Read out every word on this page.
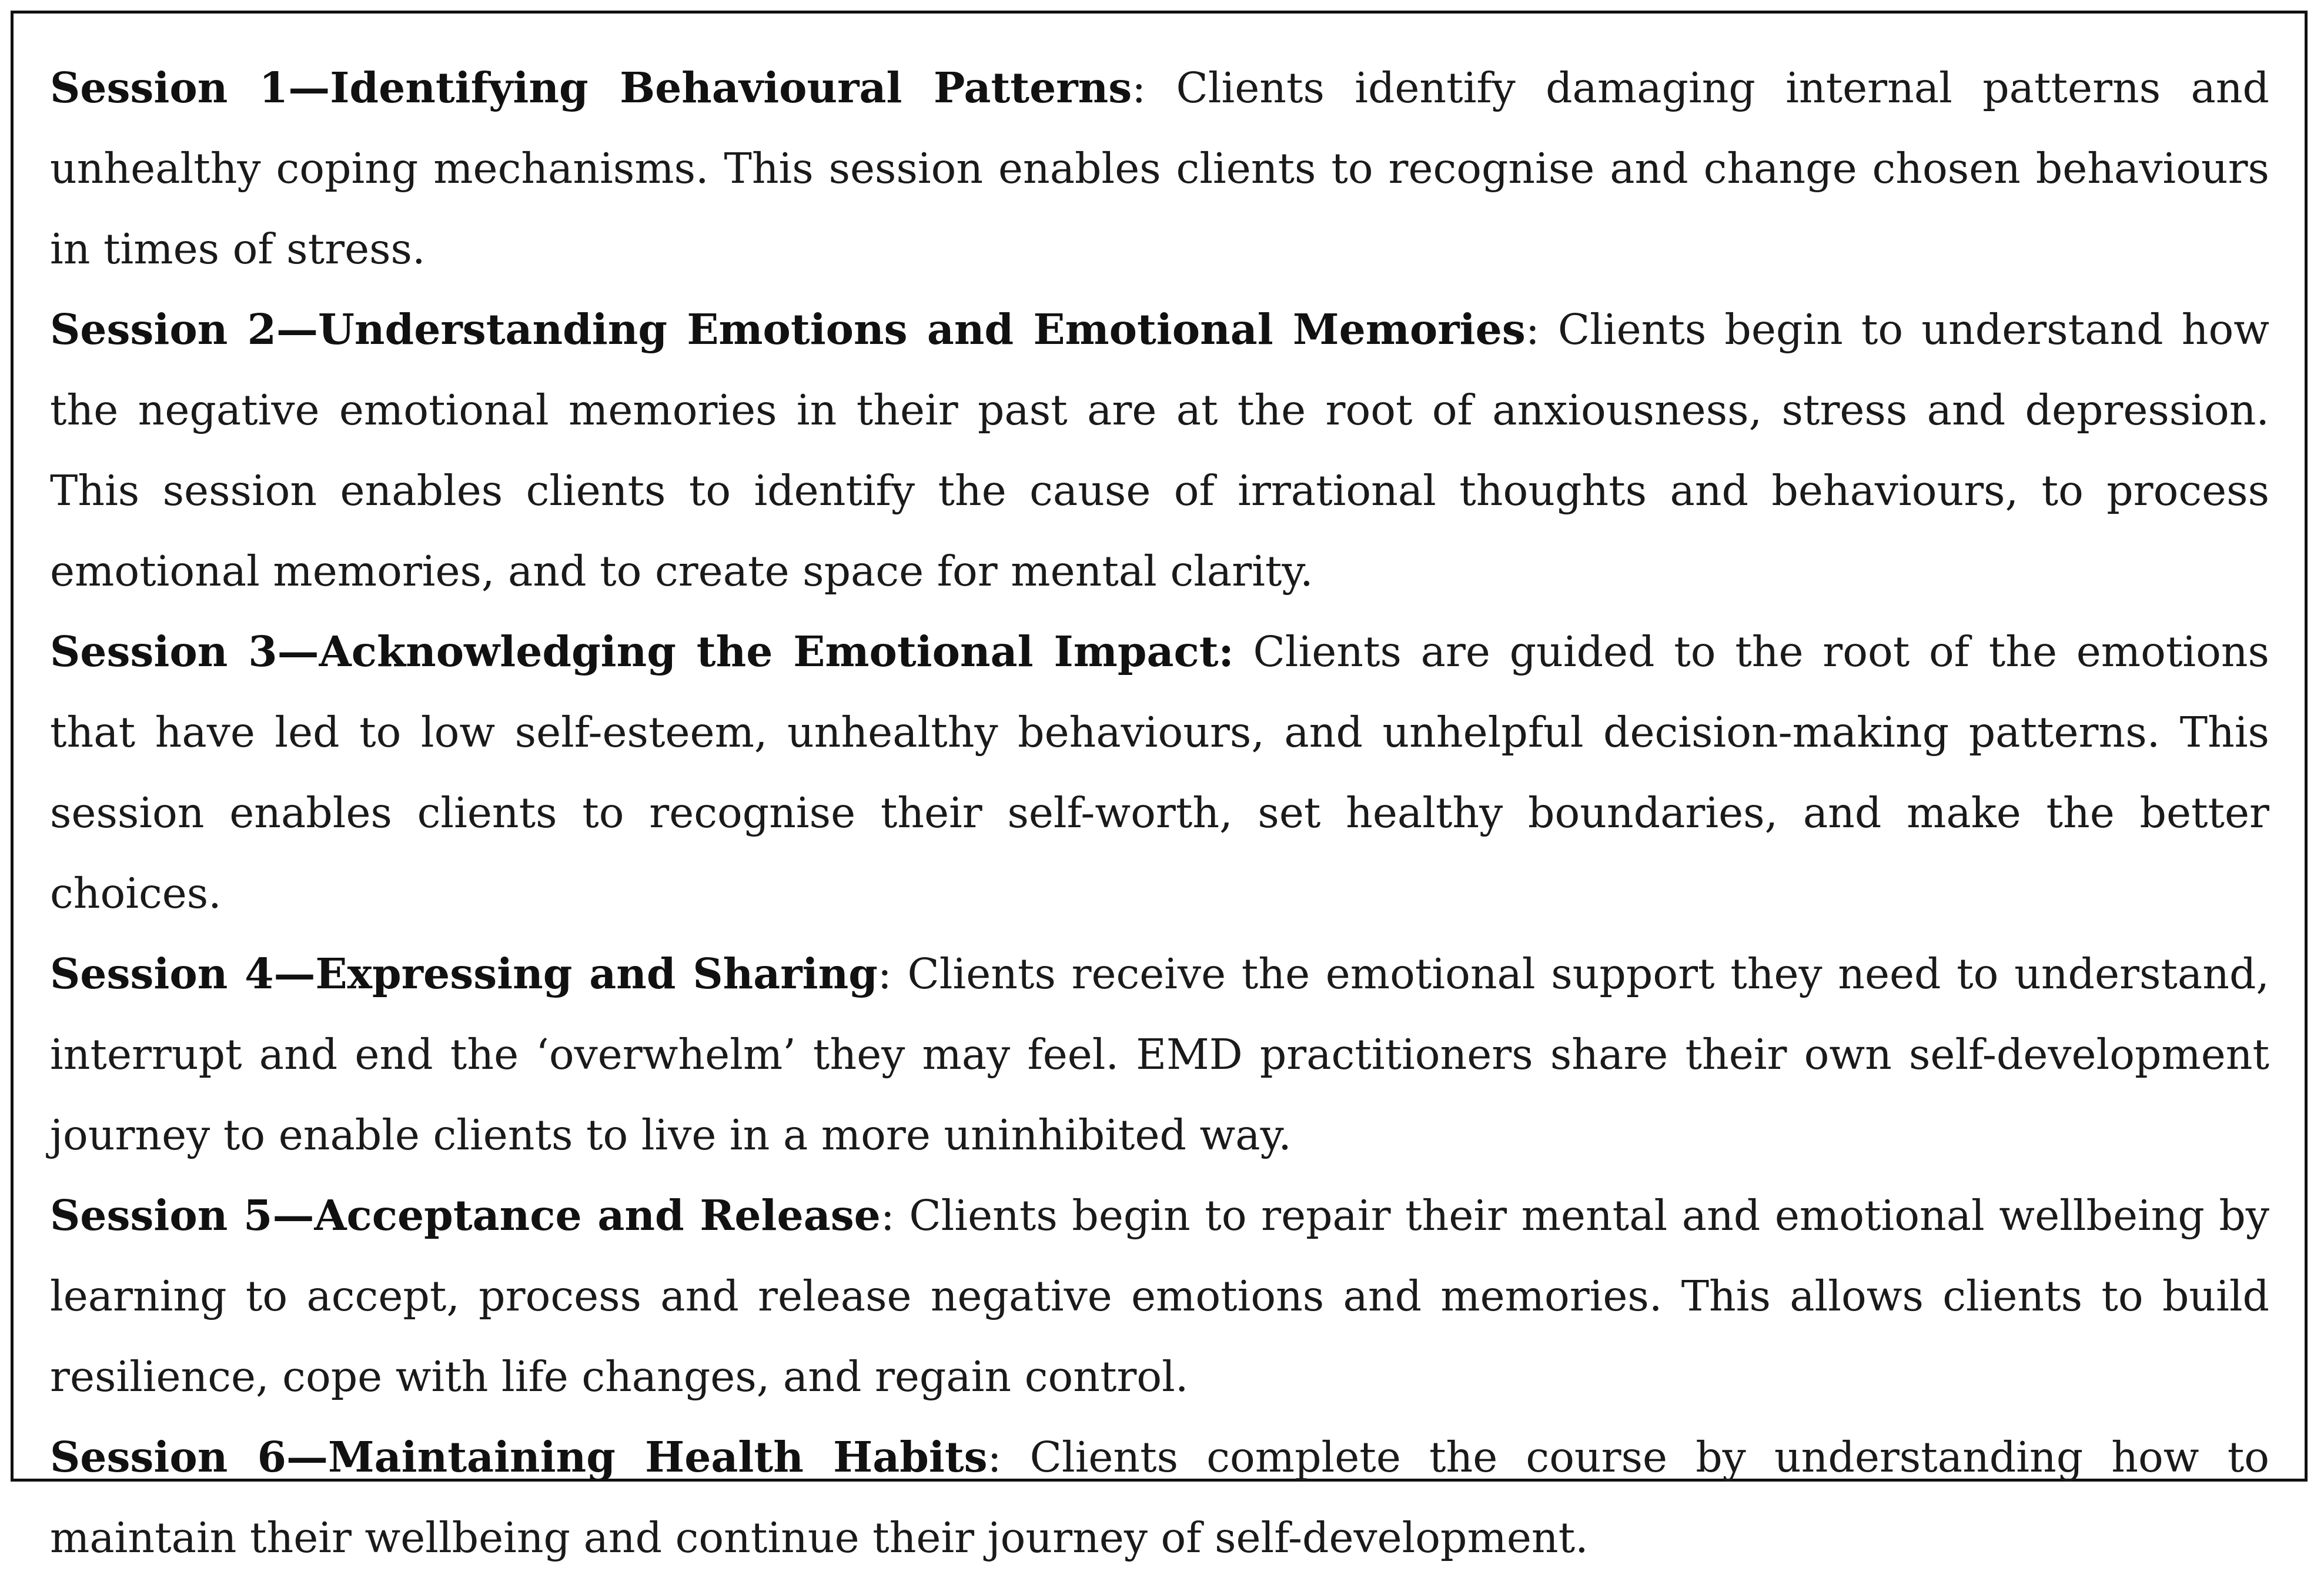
Session 1—Identifying Behavioural Patterns: Clients identify damaging internal patterns and unhealthy coping mechanisms. This session enables clients to recognise and change chosen behaviours in times of stress.

Session 2—Understanding Emotions and Emotional Memories: Clients begin to understand how the negative emotional memories in their past are at the root of anxiousness, stress and depression. This session enables clients to identify the cause of irrational thoughts and behaviours, to process emotional memories, and to create space for mental clarity.

Session 3—Acknowledging the Emotional Impact: Clients are guided to the root of the emotions that have led to low self-esteem, unhealthy behaviours, and unhelpful decision-making patterns. This session enables clients to recognise their self-worth, set healthy boundaries, and make the better choices.

Session 4—Expressing and Sharing: Clients receive the emotional support they need to understand, interrupt and end the ‘overwhelm’ they may feel. EMD practitioners share their own self-development journey to enable clients to live in a more uninhibited way.

Session 5—Acceptance and Release: Clients begin to repair their mental and emotional wellbeing by learning to accept, process and release negative emotions and memories. This allows clients to build resilience, cope with life changes, and regain control.

Session 6—Maintaining Health Habits: Clients complete the course by understanding how to maintain their wellbeing and continue their journey of self-development.
